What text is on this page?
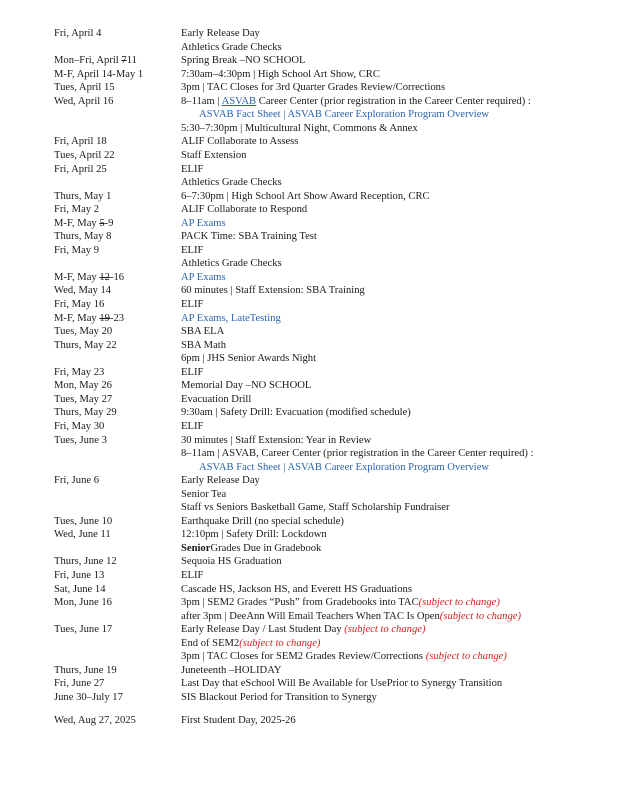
Fri, April 4	Early Release Day
Athletics Grade Checks
Mon–Fri, April 711	Spring Break –NO SCHOOL
M-F, April 14-May 1	7:30am–4:30pm | High School Art Show, CRC
Tues, April 15	3pm | TAC Closes for 3rd Quarter Grades Review/Corrections
Wed, April 16	8–11am | ASVAB Career Center (prior registration in the Career Center required) :
ASVAB Fact Sheet | ASVAB Career Exploration Program Overview
5:30–7:30pm | Multicultural Night, Commons & Annex
Fri, April 18	ALIF Collaborate to Assess
Tues, April 22	Staff Extension
Fri, April 25	ELIF
Athletics Grade Checks
Thurs, May 1	6–7:30pm | High School Art Show Award Reception, CRC
Fri, May 2	ALIF Collaborate to Respond
M-F, May 5-9	AP Exams
Thurs, May 8	PACK Time: SBA Training Test
Fri, May 9	ELIF
Athletics Grade Checks
M-F, May 12-16	AP Exams
Wed, May 14	60 minutes | Staff Extension: SBA Training
Fri, May 16	ELIF
M-F, May 19-23	AP Exams, LateTesting
Tues, May 20	SBA ELA
Thurs, May 22	SBA Math
6pm | JHS Senior Awards Night
Fri, May 23	ELIF
Mon, May 26	Memorial Day –NO SCHOOL
Tues, May 27	Evacuation Drill
Thurs, May 29	9:30am | Safety Drill: Evacuation (modified schedule)
Fri, May 30	ELIF
Tues, June 3	30 minutes | Staff Extension: Year in Review
8–11am | ASVAB, Career Center (prior registration in the Career Center required) :
ASVAB Fact Sheet | ASVAB Career Exploration Program Overview
Fri, June 6	Early Release Day
Senior Tea
Staff vs Seniors Basketball Game, Staff Scholarship Fundraiser
Tues, June 10	Earthquake Drill (no special schedule)
Wed, June 11	12:10pm | Safety Drill: Lockdown
SeniorGrades Due in Gradebook
Thurs, June 12	Sequoia HS Graduation
Fri, June 13	ELIF
Sat, June 14	Cascade HS, Jackson HS, and Everett HS Graduations
Mon, June 16	3pm | SEM2 Grades “Push” from Gradebooks into TAC(subject to change)
after 3pm | DeeAnn Will Email Teachers When TAC Is Open(subject to change)
Tues, June 17	Early Release Day / Last Student Day (subject to change)
End of SEM2(subject to change)
3pm | TAC Closes for SEM2 Grades Review/Corrections (subject to change)
Thurs, June 19	Juneteenth –HOLIDAY
Fri, June 27	Last Day that eSchool Will Be Available for UsePrior to Synergy Transition
June 30–July 17	SIS Blackout Period for Transition to Synergy
Wed, Aug 27, 2025	First Student Day, 2025-26
